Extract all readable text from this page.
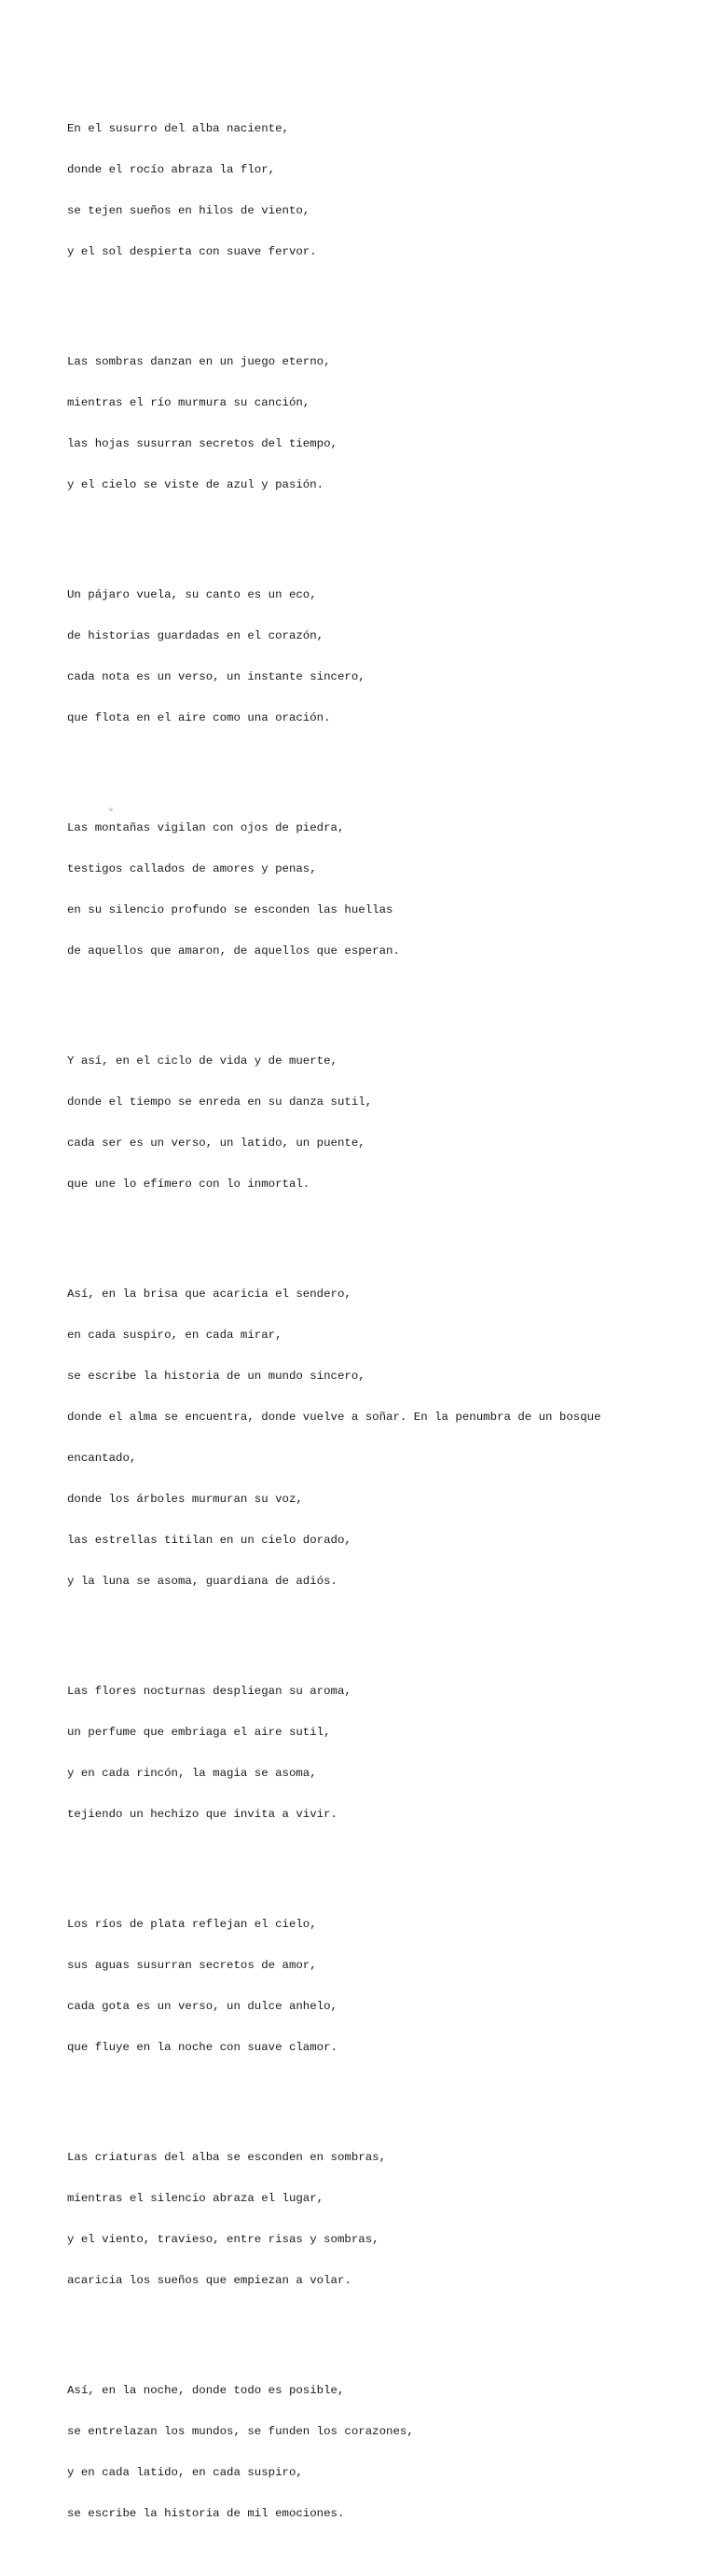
En el susurro del alba naciente,

donde el rocío abraza la flor,

se tejen sueños en hilos de viento,

y el sol despierta con suave fervor.

Las sombras danzan en un juego eterno,

mientras el río murmura su canción,

las hojas susurran secretos del tiempo,

y el cielo se viste de azul y pasión.

Un pájaro vuela, su canto es un eco,

de historias guardadas en el corazón,

cada nota es un verso, un instante sincero,

que flota en el aire como una oración.

Las montañas vigilan con ojos de piedra,

testigos callados de amores y penas,

en su silencio profundo se esconden las huellas

de aquellos que amaron, de aquellos que esperan.

Y así, en el ciclo de vida y de muerte,

donde el tiempo se enreda en su danza sutil,

cada ser es un verso, un latido, un puente,

que une lo efímero con lo inmortal.

Así, en la brisa que acaricia el sendero,

en cada suspiro, en cada mirar,

se escribe la historia de un mundo sincero,

donde el alma se encuentra, donde vuelve a soñar. En la penumbra de un bosque

encantado,

donde los árboles murmuran su voz,

las estrellas titilan en un cielo dorado,

y la luna se asoma, guardiana de adiós.

Las flores nocturnas despliegan su aroma,

un perfume que embriaga el aire sutil,

y en cada rincón, la magia se asoma,

tejiendo un hechizo que invita a vivir.

Los ríos de plata reflejan el cielo,

sus aguas susurran secretos de amor,

cada gota es un verso, un dulce anhelo,

que fluye en la noche con suave clamor.

Las criaturas del alba se esconden en sombras,

mientras el silencio abraza el lugar,

y el viento, travieso, entre risas y sombras,

acaricia los sueños que empiezan a volar.

Así, en la noche, donde todo es posible,

se entrelazan los mundos, se funden los corazones,

y en cada latido, en cada suspiro,

se escribe la historia de mil emociones.

◦
